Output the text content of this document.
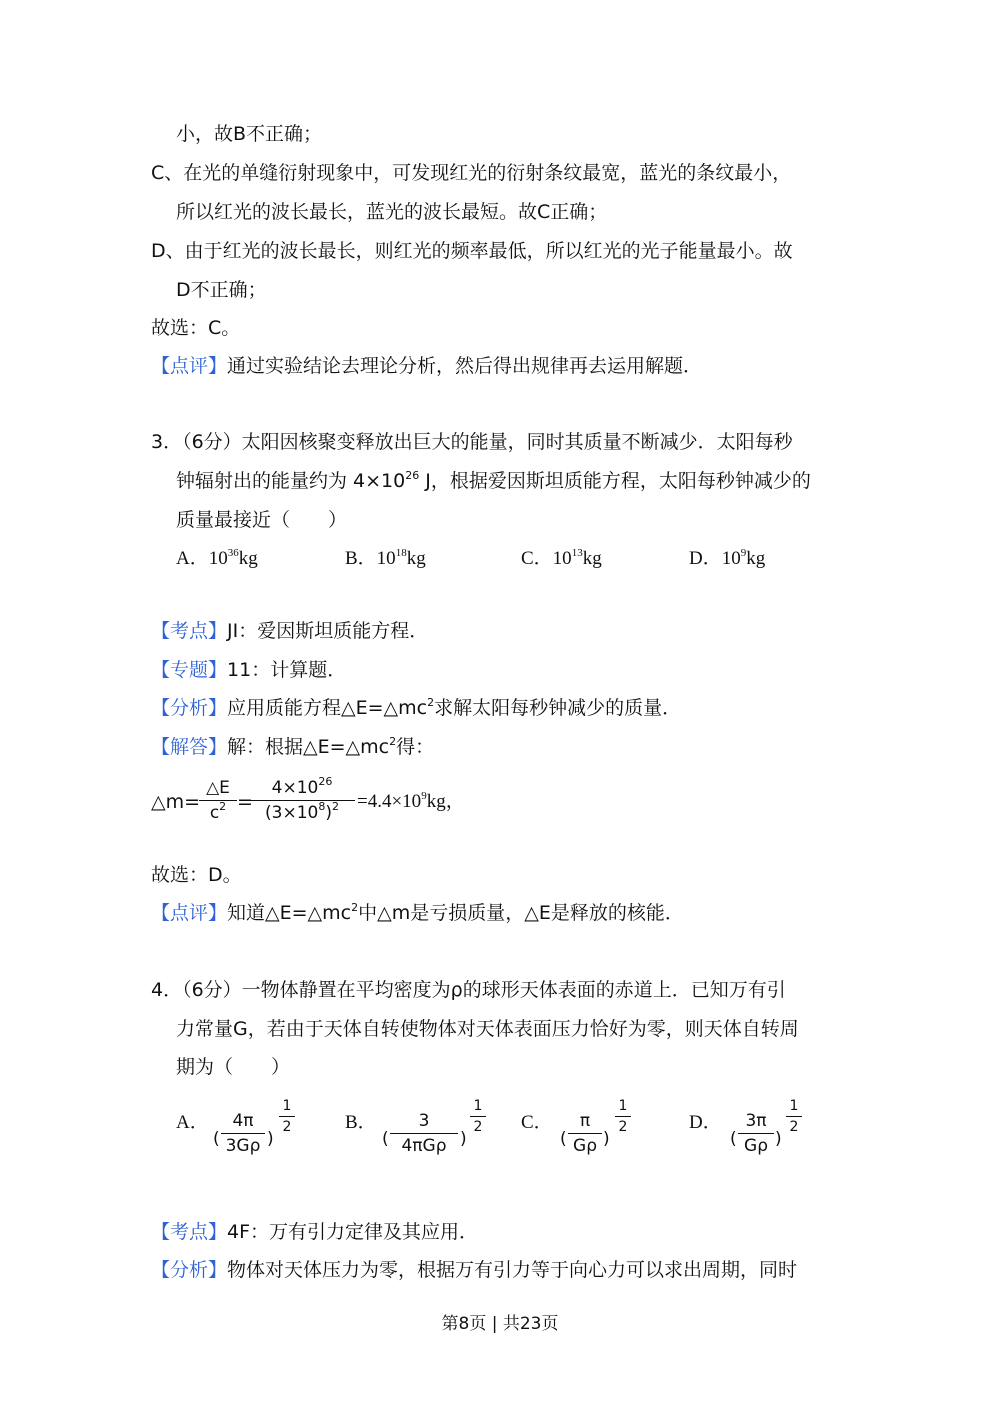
小，故B不正确；
C、在光的单缝衍射现象中，可发现红光的衍射条纹最宽，蓝光的条纹最小，
所以红光的波长最长，蓝光的波长最短。故C正确；
D、由于红光的波长最长，则红光的频率最低，所以红光的光子能量最小。故
D不正确；
故选：C。
【点评】通过实验结论去理论分析，然后得出规律再去运用解题．
3．（6分）太阳因核聚变释放出巨大的能量，同时其质量不断减少．太阳每秒
钟辐射出的能量约为 $4\times 10^{26}$ J，根据爱因斯坦质能方程，太阳每秒钟减少的
质量最接近（　　）
A．$10^{36}kg$	B．$10^{18}kg$	C．$10^{13}kg$	D．$10^9kg$
【考点】JI：爱因斯坦质能方程．
【专题】11：计算题．
【分析】应用质能方程$\triangle E=\triangle mc^2$求解太阳每秒钟减少的质量．
【解答】解：根据$\triangle E=\triangle mc^2$得：
△m=
△E
$c^2$ =
$4\times 10^{26}$
$(3\times 10^8)^2 =4.4\times 10^9kg$，
故选：D。
【点评】知道$\triangle E=\triangle mc^2$中△m是亏损质量，△E是释放的核能．
4．（6分）一物体静置在平均密度为ρ的球形天体表面的赤道上．已知万有引
力常量G，若由于天体自转使物体对天体表面压力恰好为零，则天体自转周
期为（　　）
A．
(
4π
3Gρ )
1
2	B．
(
3
4πGρ )
1
2 C．
(
π
Gρ )
1
2	D．
(
3π
Gρ )
1
2
【考点】4F：万有引力定律及其应用．
【分析】物体对天体压力为零，根据万有引力等于向心力可以求出周期，同时
第8页 | 共23页
